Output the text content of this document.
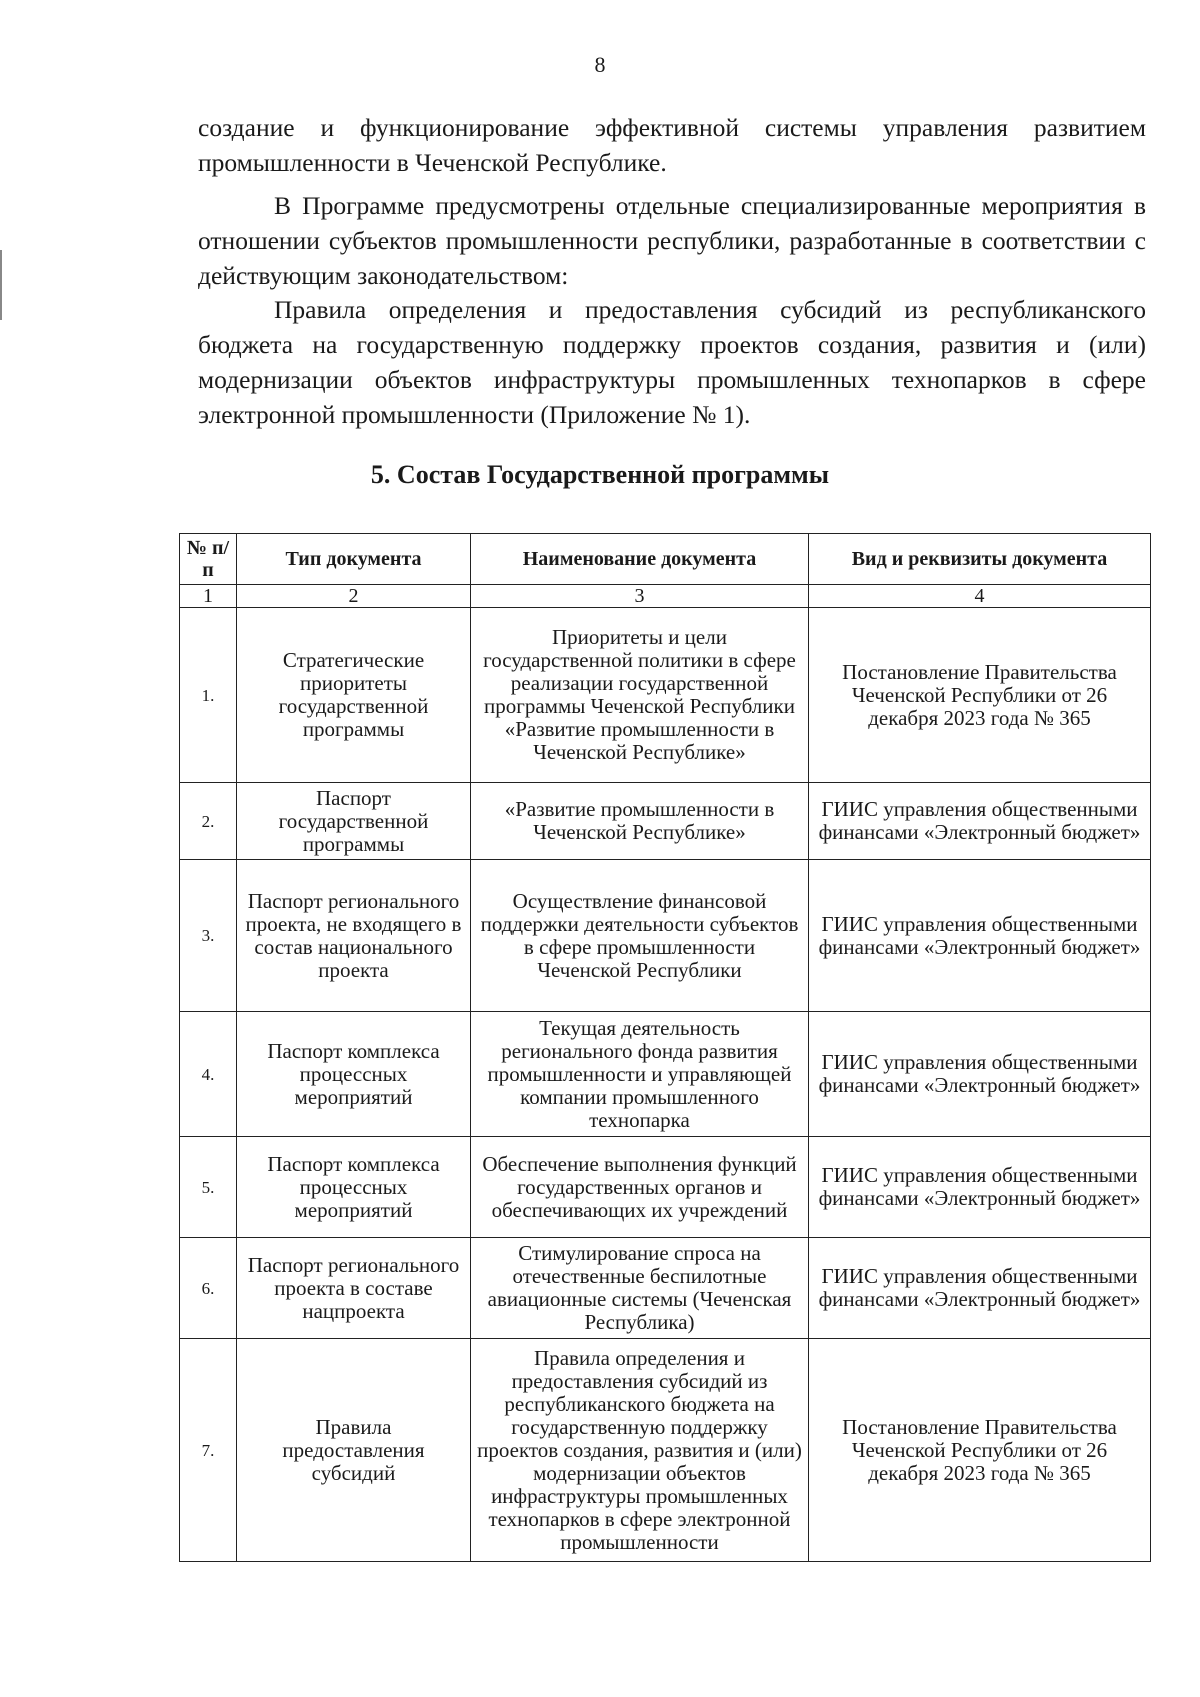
8

создание и функционирование эффективной системы управления развитием промышленности в Чеченской Республике.

В Программе предусмотрены отдельные специализированные мероприятия в отношении субъектов промышленности республики, разработанные в соответствии с действующим законодательством:

Правила определения и предоставления субсидий из республиканского бюджета на государственную поддержку проектов создания, развития и (или) модернизации объектов инфраструктуры промышленных технопарков в сфере электронной промышленности (Приложение № 1).

5. Состав Государственной программы
№ п/п	Тип документа	Наименование документа	Вид и реквизиты документа
1	2	3	4
1.	Стратегические приоритеты государственной программы	Приоритеты и цели государственной политики в сфере реализации государственной программы Чеченской Республики «Развитие промышленности в Чеченской Республике»	Постановление Правительства Чеченской Республики от 26 декабря 2023 года № 365
2.	Паспорт государственной программы	«Развитие промышленности в Чеченской Республике»	ГИИС управления общественными финансами «Электронный бюджет»
3.	Паспорт регионального проекта, не входящего в состав национального проекта	Осуществление финансовой поддержки деятельности субъектов в сфере промышленности Чеченской Республики	ГИИС управления общественными финансами «Электронный бюджет»
4.	Паспорт комплекса процессных мероприятий	Текущая деятельность регионального фонда развития промышленности и управляющей компании промышленного технопарка	ГИИС управления общественными финансами «Электронный бюджет»
5.	Паспорт комплекса процессных мероприятий	Обеспечение выполнения функций государственных органов и обеспечивающих их учреждений	ГИИС управления общественными финансами «Электронный бюджет»
6.	Паспорт регионального проекта в составе нацпроекта	Стимулирование спроса на отечественные беспилотные авиационные системы (Чеченская Республика)	ГИИС управления общественными финансами «Электронный бюджет»
7.	Правила предоставления субсидий	Правила определения и предоставления субсидий из республиканского бюджета на государственную поддержку проектов создания, развития и (или) модернизации объектов инфраструктуры промышленных технопарков в сфере электронной промышленности	Постановление Правительства Чеченской Республики от 26 декабря 2023 года № 365
